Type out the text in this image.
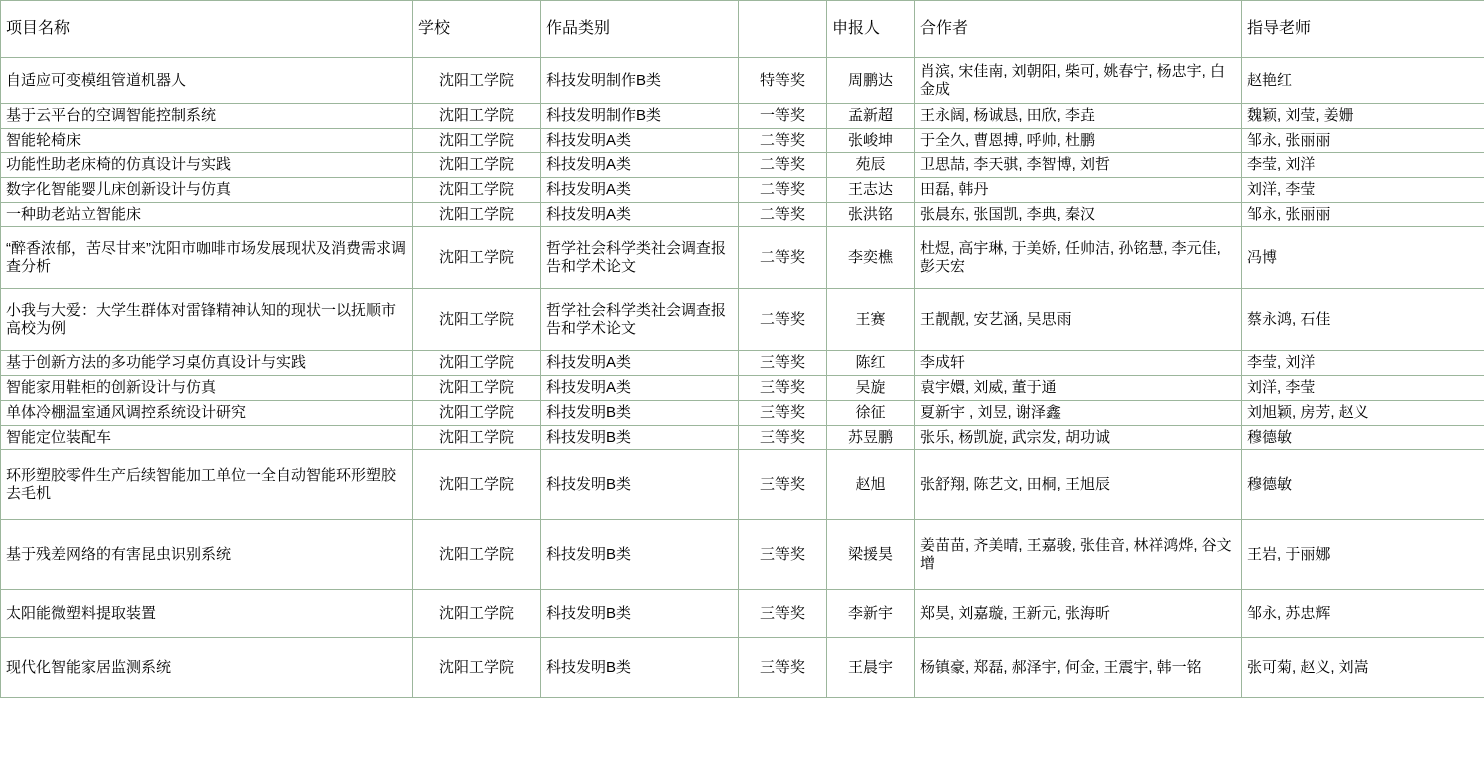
项目名称	学校	作品类别		申报人	合作者	指导老师
自适应可变模组管道机器人	沈阳工学院	科技发明制作B类	特等奖	周鹏达	肖滨, 宋佳南, 刘朝阳, 柴可, 姚春宁, 杨忠宇, 白金成	赵艳红
基于云平台的空调智能控制系统	沈阳工学院	科技发明制作B类	一等奖	孟新超	王永阔, 杨诚恳, 田欣, 李垚	魏颖, 刘莹, 姜姗
智能轮椅床	沈阳工学院	科技发明A类	二等奖	张峻坤	于全久, 曹恩搏, 呼帅, 杜鹏	邹永, 张丽丽
功能性助老床椅的仿真设计与实践	沈阳工学院	科技发明A类	二等奖	苑辰	卫思喆, 李天骐, 李智博, 刘哲	李莹, 刘洋
数字化智能婴儿床创新设计与仿真	沈阳工学院	科技发明A类	二等奖	王志达	田磊, 韩丹	刘洋, 李莹
一种助老站立智能床	沈阳工学院	科技发明A类	二等奖	张洪铭	张晨东, 张国凯, 李典, 秦汉	邹永, 张丽丽
“醉香浓郁，苦尽甘来”沈阳市咖啡市场发展现状及消费需求调查分析	沈阳工学院	哲学社会科学类社会调查报告和学术论文	二等奖	李奕樵	杜煜, 高宇琳, 于美娇, 任帅洁, 孙铭慧, 李元佳, 彭天宏	冯博
小我与大爱：大学生群体对雷锋精神认知的现状一以抚顺市高校为例	沈阳工学院	哲学社会科学类社会调查报告和学术论文	二等奖	王赛	王靓靓, 安艺涵, 吴思雨	蔡永鸿, 石佳
基于创新方法的多功能学习桌仿真设计与实践	沈阳工学院	科技发明A类	三等奖	陈红	李成轩	李莹, 刘洋
智能家用鞋柜的创新设计与仿真	沈阳工学院	科技发明A类	三等奖	吴旋	袁宇嬛, 刘威, 董于通	刘洋, 李莹
单体冷棚温室通风调控系统设计研究	沈阳工学院	科技发明B类	三等奖	徐征	夏新宇 , 刘昱, 谢泽鑫	刘旭颖, 房芳, 赵义
智能定位装配车	沈阳工学院	科技发明B类	三等奖	苏昱鹏	张乐, 杨凯旋, 武宗发, 胡功诚	穆德敏
环形塑胶零件生产后续智能加工单位一全自动智能环形塑胶去毛机	沈阳工学院	科技发明B类	三等奖	赵旭	张舒翔, 陈艺文, 田桐, 王旭辰	穆德敏
基于残差网络的有害昆虫识别系统	沈阳工学院	科技发明B类	三等奖	梁援昊	姜苗苗, 齐美晴, 王嘉骏, 张佳音, 林祥鸿烨, 谷文增	王岩, 于丽娜
太阳能微塑料提取装置	沈阳工学院	科技发明B类	三等奖	李新宇	郑昊, 刘嘉璇, 王新元, 张海昕	邹永, 苏忠辉
现代化智能家居监测系统	沈阳工学院	科技发明B类	三等奖	王晨宇	杨镇豪, 郑磊, 郝泽宇, 何金, 王震宇, 韩一铭	张可菊, 赵义, 刘嵩
